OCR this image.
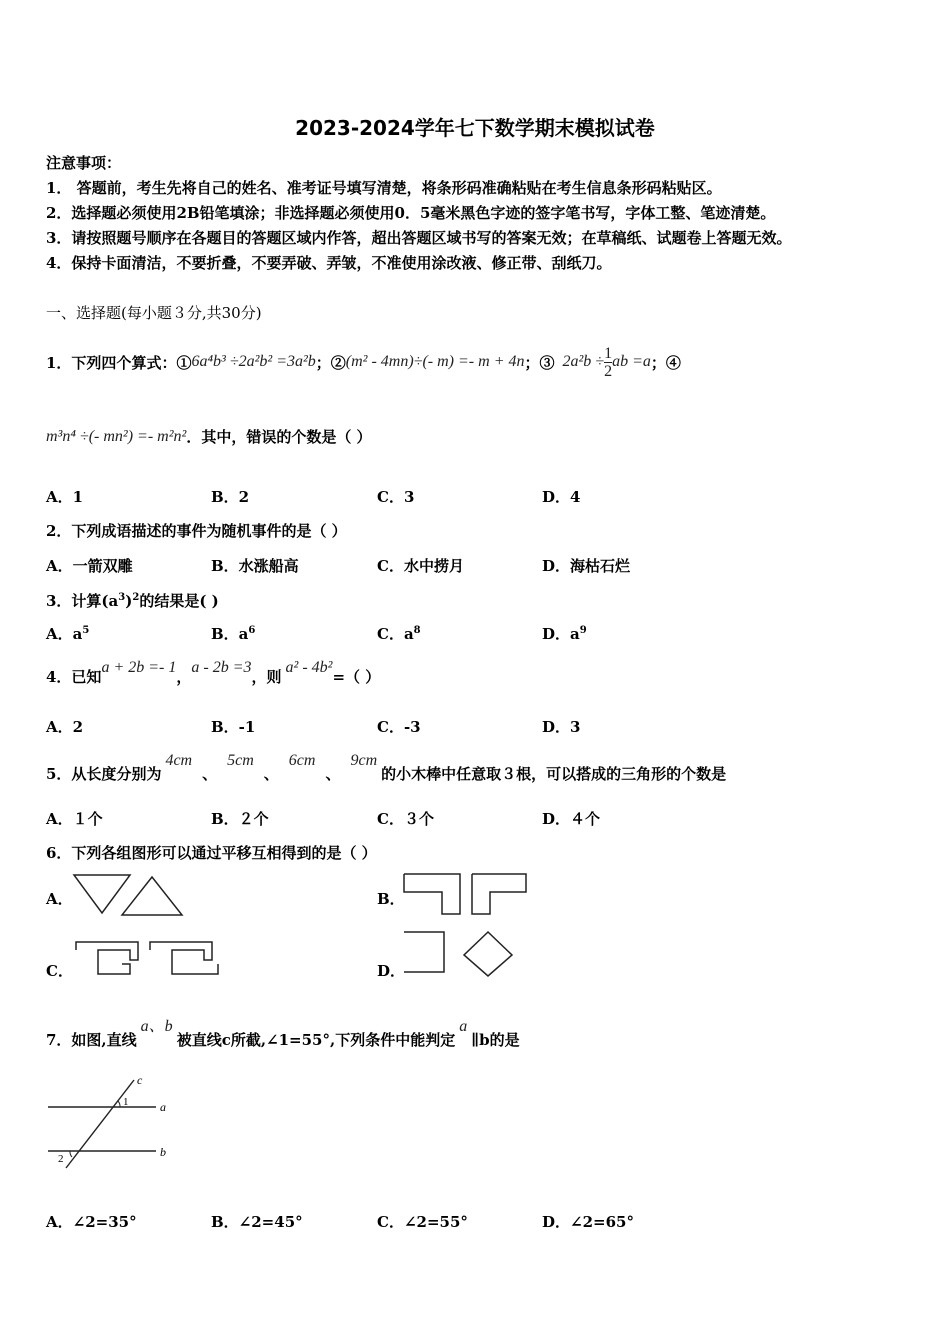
2023-2024学年七下数学期末模拟试卷
注意事项：
1． 答题前，考生先将自己的姓名、准考证号填写清楚，将条形码准确粘贴在考生信息条形码粘贴区。
2．选择题必须使用2B铅笔填涂；非选择题必须使用0．5毫米黑色字迹的签字笔书写，字体工整、笔迹清楚。
3．请按照题号顺序在各题目的答题区域内作答，超出答题区域书写的答案无效；在草稿纸、试题卷上答题无效。
4．保持卡面清洁，不要折叠，不要弄破、弄皱，不准使用涂改液、修正带、刮纸刀。
一、选择题(每小题３分,共30分)
1．下列四个算式：① 6a⁴b³ ÷2a²b² =3a²b ；② (m² - 4mn)÷(- m) =- m + 4n ；③ $2a^2b \div \frac{1}{2}$ ab =a ；④
m³n⁴ ÷(- mn²) =- m²n² ．其中，错误的个数是（ ）
A．1	B．2	C．3	D．4
2．下列成语描述的事件为随机事件的是（ ）
A．一箭双雕	B．水涨船高	C．水中捞月	D．海枯石烂
3．计算$(a^3)^2$的结果是( )
A．$a^5$	B．$a^6$	C．$a^8$	D．$a^9$
4．已知 a + 2b =- 1 ， a - 2b =3 ，则 a² - 4b² =（ ）
A．2	B．-1	C．-3	D．3
5．从长度分别为
4cm
、
5cm
、
6cm
、
9cm
的小木棒中任意取３根，可以搭成的三角形的个数是
A．１个	B．２个	C．３个	D．４个
6．下列各组图形可以通过平移互相得到的是（ ）
A．	B．
C．	D．
7．如图,直线
a、b
被直线c所截, ∠1=55°,下列条件中能判定
a
∥b的是
c
a
b
1
2
A．∠2=35°	B．∠2=45°	C．∠2=55°	D．∠2=65°
